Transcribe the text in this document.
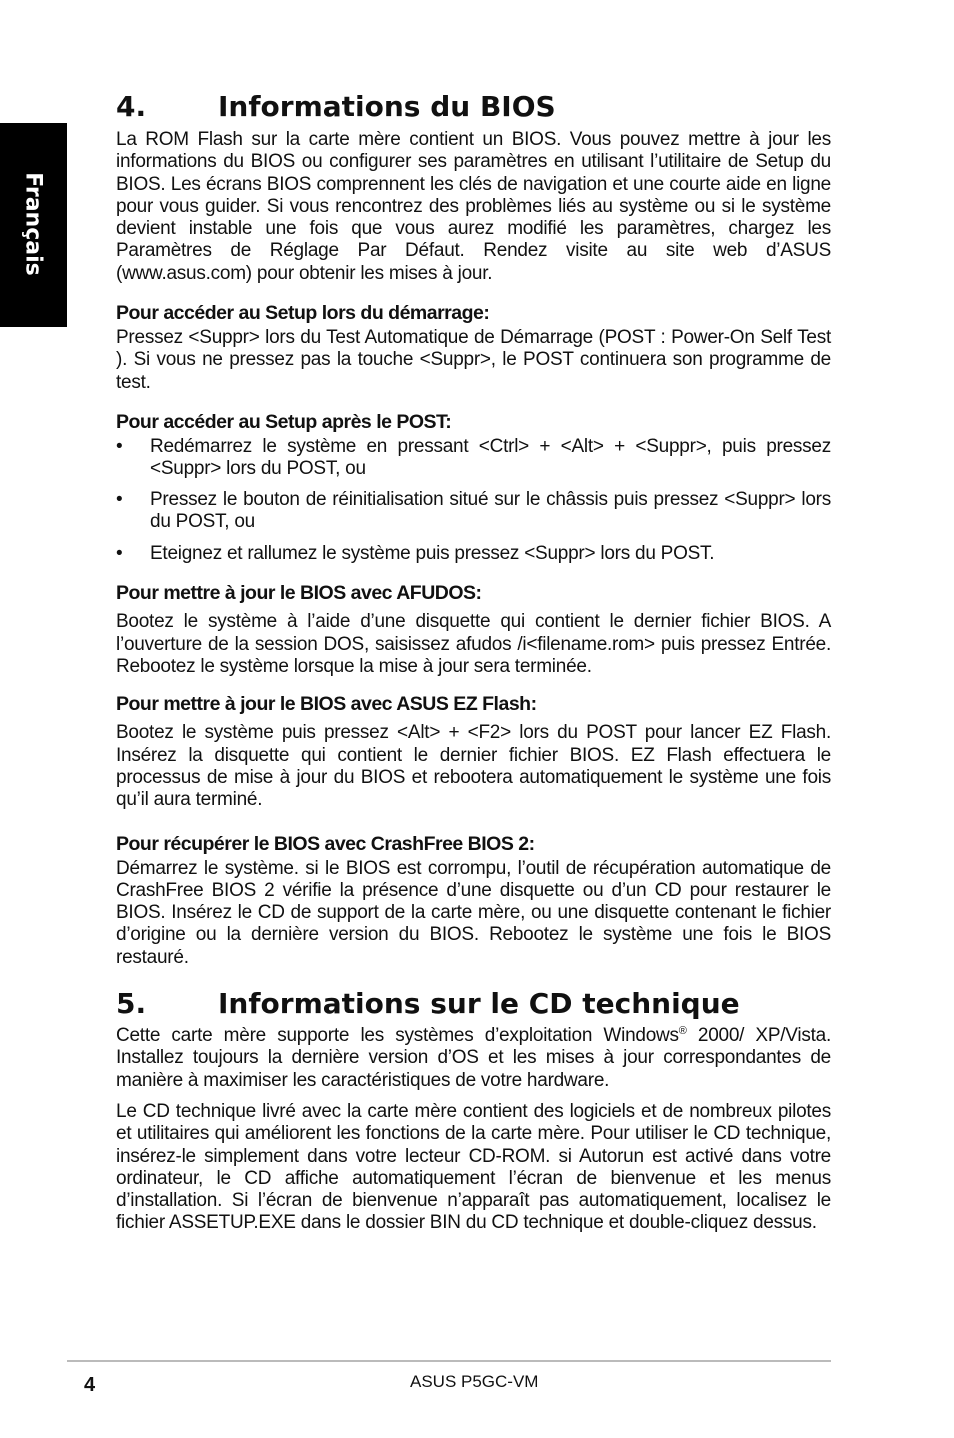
Français
4.	Informations du BIOS

La ROM Flash sur la carte mère contient un BIOS. Vous pouvez mettre à jour les informations du BIOS ou configurer ses paramètres en utilisant l’utilitaire de Setup du BIOS. Les écrans BIOS comprennent les clés de navigation et une courte aide en ligne pour vous guider. Si vous rencontrez des problèmes liés au système ou si le système devient instable une fois que vous aurez modifié les paramètres, chargez les Paramètres de Réglage Par Défaut. Rendez visite au site web d’ASUS (www.asus.com) pour obtenir les mises à jour.

Pour accéder au Setup lors du démarrage:

Pressez <Suppr> lors du Test Automatique de Démarrage (POST : Power-On Self Test ). Si vous ne pressez pas la touche <Suppr>, le POST continuera son programme de test.

Pour accéder au Setup après le POST:
• Redémarrez le système en pressant <Ctrl> + <Alt> + <Suppr>, puis pressez <Suppr> lors du POST, ou
• Pressez le bouton de réinitialisation situé sur le châssis puis pressez <Suppr> lors du POST, ou
• Eteignez et rallumez le système puis pressez <Suppr> lors du POST.
Pour mettre à jour le BIOS avec AFUDOS:

Bootez le système à l’aide d’une disquette qui contient le dernier fichier BIOS. A l’ouverture de la session DOS, saisissez afudos /i<filename.rom> puis pressez Entrée. Rebootez le système lorsque la mise à jour sera terminée.

Pour mettre à jour le BIOS avec ASUS EZ Flash:

Bootez le système puis pressez <Alt> + <F2> lors du POST pour lancer EZ Flash. Insérez la disquette qui contient le dernier fichier BIOS. EZ Flash effectuera le processus de mise à jour du BIOS et rebootera automatiquement le système une fois qu’il aura terminé.

Pour récupérer le BIOS avec CrashFree BIOS 2:

Démarrez le système. si le BIOS est corrompu, l’outil de récupération automatique de CrashFree BIOS 2 vérifie la présence d’une disquette ou d’un CD pour restaurer le BIOS. Insérez le CD de support de la carte mère, ou une disquette contenant le fichier d’origine ou la dernière version du BIOS. Rebootez le système une fois le BIOS restauré.

5.	Informations sur le CD technique

Cette carte mère supporte les systèmes d’exploitation Windows® 2000/ XP/Vista. Installez toujours la dernière version d’OS et les mises à jour correspondantes de manière à maximiser les caractéristiques de votre hardware.

Le CD technique livré avec la carte mère contient des logiciels et de nombreux pilotes et utilitaires qui améliorent les fonctions de la carte mère. Pour utiliser le CD technique, insérez-le simplement dans votre lecteur CD-ROM. si Autorun est activé dans votre ordinateur, le CD affiche automatiquement l’écran de bienvenue et les menus d’installation. Si l’écran de bienvenue n’apparaît pas automatiquement, localisez le fichier ASSETUP.EXE dans le dossier BIN du CD technique et double-cliquez dessus.

4	ASUS P5GC-VM
